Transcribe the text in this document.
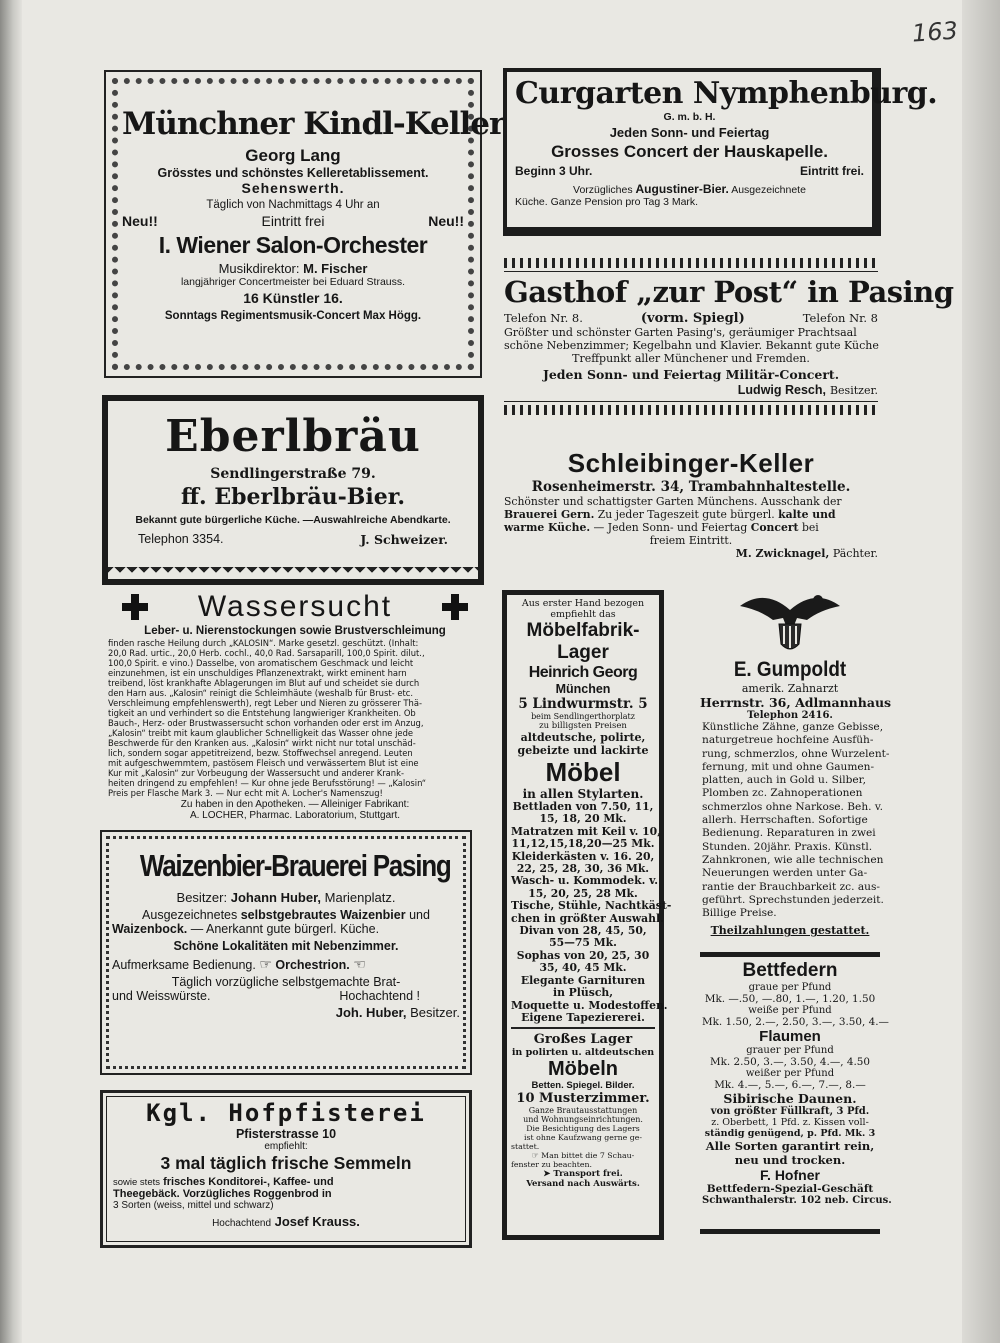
163
Münchner Kindl-Keller
Georg Lang
Grösstes und schönstes Kelleretablissement.
Sehenswerth.
Täglich von Nachmittags 4 Uhr an
Neu!!	Eintritt frei	Neu!!
I. Wiener Salon-Orchester
Musikdirektor: M. Fischer
langjähriger Concertmeister bei Eduard Strauss.
16 Künstler 16.
Sonntags Regimentsmusik-Concert Max Högg.
Eberlbräu
Sendlingerstraße 79.
ff. Eberlbräu-Bier.
Bekannt gute bürgerliche Küche. —Auswahlreiche Abendkarte.
Telephon 3354.	J. Schweizer.
Wassersucht
Leber- u. Nierenstockungen sowie Brustverschleimung
finden rasche Heilung durch „KALOSIN“. Marke gesetzl. geschützt. (Inhalt:
20,0 Rad. urtic., 20,0 Herb. cochl., 40,0 Rad. Sarsaparill, 100,0 Spirit. dilut.,
100,0 Spirit. e vino.) Dasselbe, von aromatischem Geschmack und leicht
einzunehmen, ist ein unschuldiges Pflanzenextrakt, wirkt eminent harn
treibend, löst krankhafte Ablagerungen im Blut auf und scheidet sie durch
den Harn aus. „Kalosin“ reinigt die Schleimhäute (weshalb für Brust- etc.
Verschleimung empfehlenswerth), regt Leber und Nieren zu grösserer Thä-
tigkeit an und verhindert so die Entstehung langwieriger Krankheiten. Ob
Bauch-, Herz- oder Brustwassersucht schon vorhanden oder erst im Anzug,
„Kalosin“ treibt mit kaum glaublicher Schnelligkeit das Wasser ohne jede
Beschwerde für den Kranken aus. „Kalosin“ wirkt nicht nur total unschäd-
lich, sondern sogar appetitreizend, bezw. Stoffwechsel anregend. Leuten
mit aufgeschwemmtem, pastösem Fleisch und verwässertem Blut ist eine
Kur mit „Kalosin“ zur Vorbeugung der Wassersucht und anderer Krank-
heiten dringend zu empfehlen! — Kur ohne jede Berufsstörung! — „Kalosin“
Preis per Flasche Mark 3. — Nur echt mit A. Locher's Namenszug!
Zu haben in den Apotheken. — Alleiniger Fabrikant:
A. LOCHER, Pharmac. Laboratorium, Stuttgart.
Waizenbier-Brauerei Pasing
Besitzer: Johann Huber, Marienplatz.
Ausgezeichnetes selbstgebrautes Waizenbier und
Waizenbock. — Anerkannt gute bürgerl. Küche.
Schöne Lokalitäten mit Nebenzimmer.
Aufmerksame Bedienung. ☞ Orchestrion. ☜
Täglich vorzügliche selbstgemachte Brat-
und Weisswürste.	Hochachtend !
Joh. Huber, Besitzer.
Kgl. Hofpfisterei
Pfisterstrasse 10
empfiehlt:
3 mal täglich frische Semmeln
sowie stets frisches Konditorei-, Kaffee- und
Theegebäck. Vorzügliches Roggenbrod in
3 Sorten (weiss, mittel und schwarz)
Hochachtend Josef Krauss.
Curgarten Nymphenburg.
G. m. b. H.
Jeden Sonn- und Feiertag
Grosses Concert der Hauskapelle.
Beginn 3 Uhr.	Eintritt frei.
Vorzügliches Augustiner-Bier. Ausgezeichnete
Küche. Ganze Pension pro Tag 3 Mark.
Gasthof „zur Post“ in Pasing
Telefon Nr. 8.	(vorm. Spiegl)	Telefon Nr. 8
Größter und schönster Garten Pasing's, geräumiger Prachtsaal
schöne Nebenzimmer; Kegelbahn und Klavier. Bekannt gute Küche
Treffpunkt aller Münchener und Fremden.
Jeden Sonn- und Feiertag Militär-Concert.
Ludwig Resch, Besitzer.
Schleibinger-Keller
Rosenheimerstr. 34, Trambahnhaltestelle.
Schönster und schattigster Garten Münchens. Ausschank der
Brauerei Gern. Zu jeder Tageszeit gute bürgerl. kalte und
warme Küche. — Jeden Sonn- und Feiertag Concert bei
freiem Eintritt.
M. Zwicknagel, Pächter.
Aus erster Hand bezogen
empfiehlt das
Möbelfabrik-
Lager
Heinrich Georg
München
5 Lindwurmstr. 5
beim Sendlingerthorplatz
zu billigsten Preisen
altdeutsche, polirte,
gebeizte und lackirte
Möbel
in allen Stylarten.
Bettladen von 7.50, 11,
15, 18, 20 Mk.
Matratzen mit Keil v. 10,
11,12,15,18,20—25 Mk.
Kleiderkästen v. 16. 20,
22, 25, 28, 30, 36 Mk.
Wasch- u. Kommodek. v.
15, 20, 25, 28 Mk.
Tische, Stühle, Nachtkäst-
chen in größter Auswahl.
Divan von 28, 45, 50,
55—75 Mk.
Sophas von 20, 25, 30
35, 40, 45 Mk.
Elegante Garnituren
in Plüsch,
Moquette u. Modestoffen.
Eigene Tapeziererei.
Großes Lager
in polirten u. altdeutschen
Möbeln
Betten. Spiegel. Bilder.
10 Musterzimmer.
Ganze Brautausstattungen
und Wohnungseinrichtungen.
Die Besichtigung des Lagers
ist ohne Kaufzwang gerne ge-
stattet.
☞ Man bittet die 7 Schau-
fenster zu beachten.
➤ Transport frei.
Versand nach Auswärts.
E. Gumpoldt
amerik. Zahnarzt
Herrnstr. 36, Adlmannhaus
Telephon 2416.
Künstliche Zähne, ganze Gebisse,
naturgetreue hochfeine Ausfüh-
rung, schmerzlos, ohne Wurzelent-
fernung, mit und ohne Gaumen-
platten, auch in Gold u. Silber,
Plomben zc. Zahnoperationen
schmerzlos ohne Narkose. Beh. v.
allerh. Herrschaften. Sofortige
Bedienung. Reparaturen in zwei
Stunden. 20jähr. Praxis. Künstl.
Zahnkronen, wie alle technischen
Neuerungen werden unter Ga-
rantie der Brauchbarkeit zc. aus-
geführt. Sprechstunden jederzeit.
Billige Preise.
Theilzahlungen gestattet.
Bettfedern
graue per Pfund
Mk. —.50, —.80, 1.—, 1.20, 1.50
weiße per Pfund
Mk. 1.50, 2.—, 2.50, 3.—, 3.50, 4.—
Flaumen
grauer per Pfund
Mk. 2.50, 3.—, 3.50, 4.—, 4.50
weißer per Pfund
Mk. 4.—, 5.—, 6.—, 7.—, 8.—
Sibirische Daunen.
von größter Füllkraft, 3 Pfd.
z. Oberbett, 1 Pfd. z. Kissen voll-
ständig genügend, p. Pfd. Mk. 3
Alle Sorten garantirt rein,
neu und trocken.
F. Hofner
Bettfedern-Spezial-Geschäft
Schwanthalerstr. 102 neb. Circus.
